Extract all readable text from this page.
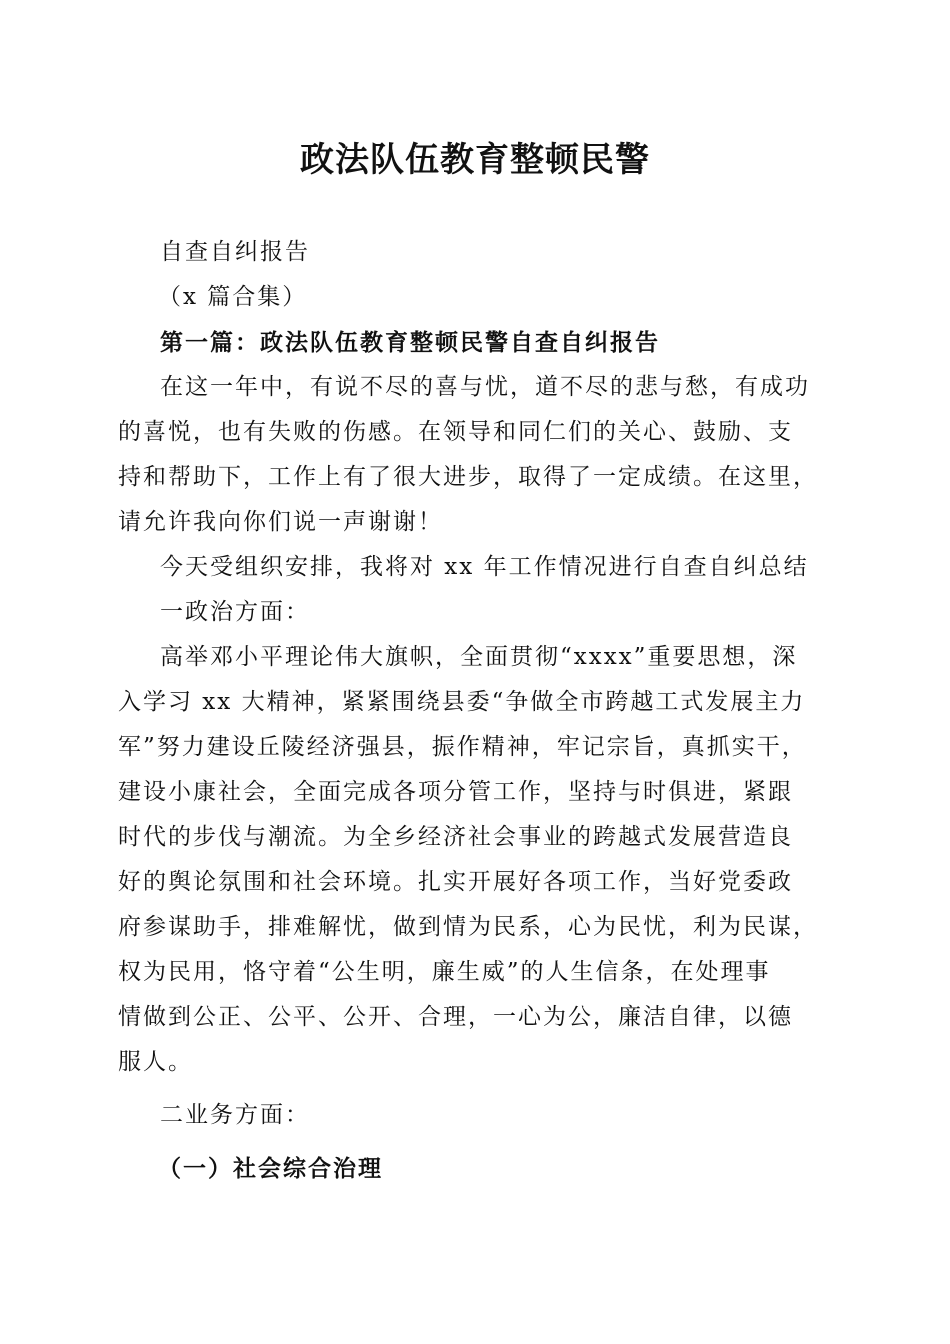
政法队伍教育整顿民警

自查自纠报告

（x 篇合集）

第一篇：政法队伍教育整顿民警自查自纠报告

在这一年中，有说不尽的喜与忧，道不尽的悲与愁，有成功

的喜悦，也有失败的伤感。在领导和同仁们的关心、鼓励、支

持和帮助下，工作上有了很大进步，取得了一定成绩。在这里，

请允许我向你们说一声谢谢！

今天受组织安排，我将对 xx 年工作情况进行自查自纠总结

一政治方面：

高举邓小平理论伟大旗帜，全面贯彻“xxxx”重要思想，深

入学习 xx 大精神，紧紧围绕县委“争做全市跨越工式发展主力

军”努力建设丘陵经济强县，振作精神，牢记宗旨，真抓实干，

建设小康社会，全面完成各项分管工作，坚持与时俱进，紧跟

时代的步伐与潮流。为全乡经济社会事业的跨越式发展营造良

好的舆论氛围和社会环境。扎实开展好各项工作，当好党委政

府参谋助手，排难解忧，做到情为民系，心为民忧，利为民谋，

权为民用，恪守着“公生明，廉生威”的人生信条，在处理事

情做到公正、公平、公开、合理，一心为公，廉洁自律，以德

服人。

二业务方面：

（一）社会综合治理
